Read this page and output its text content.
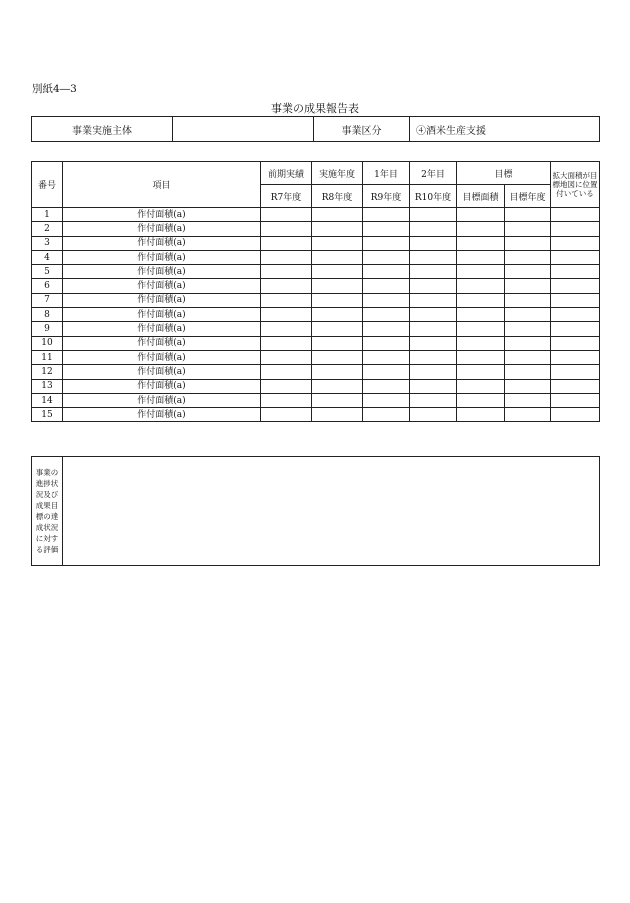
別紙4―3
事業の成果報告表
事業実施主体		事業区分	④酒米生産支援
番号	項目	前期実績	実施年度	1年目	2年目	目標		拡大面積が目標地図に位置付いている
		R7年度	R8年度	R9年度	R10年度	目標面積	目標年度	
1	作付面積(a)							
2	作付面積(a)							
3	作付面積(a)							
4	作付面積(a)							
5	作付面積(a)							
6	作付面積(a)							
7	作付面積(a)							
8	作付面積(a)							
9	作付面積(a)							
10	作付面積(a)							
11	作付面積(a)							
12	作付面積(a)							
13	作付面積(a)							
14	作付面積(a)							
15	作付面積(a)							
事業の
進捗状
況及び
成果目
標の達
成状況
に対す
る評価
